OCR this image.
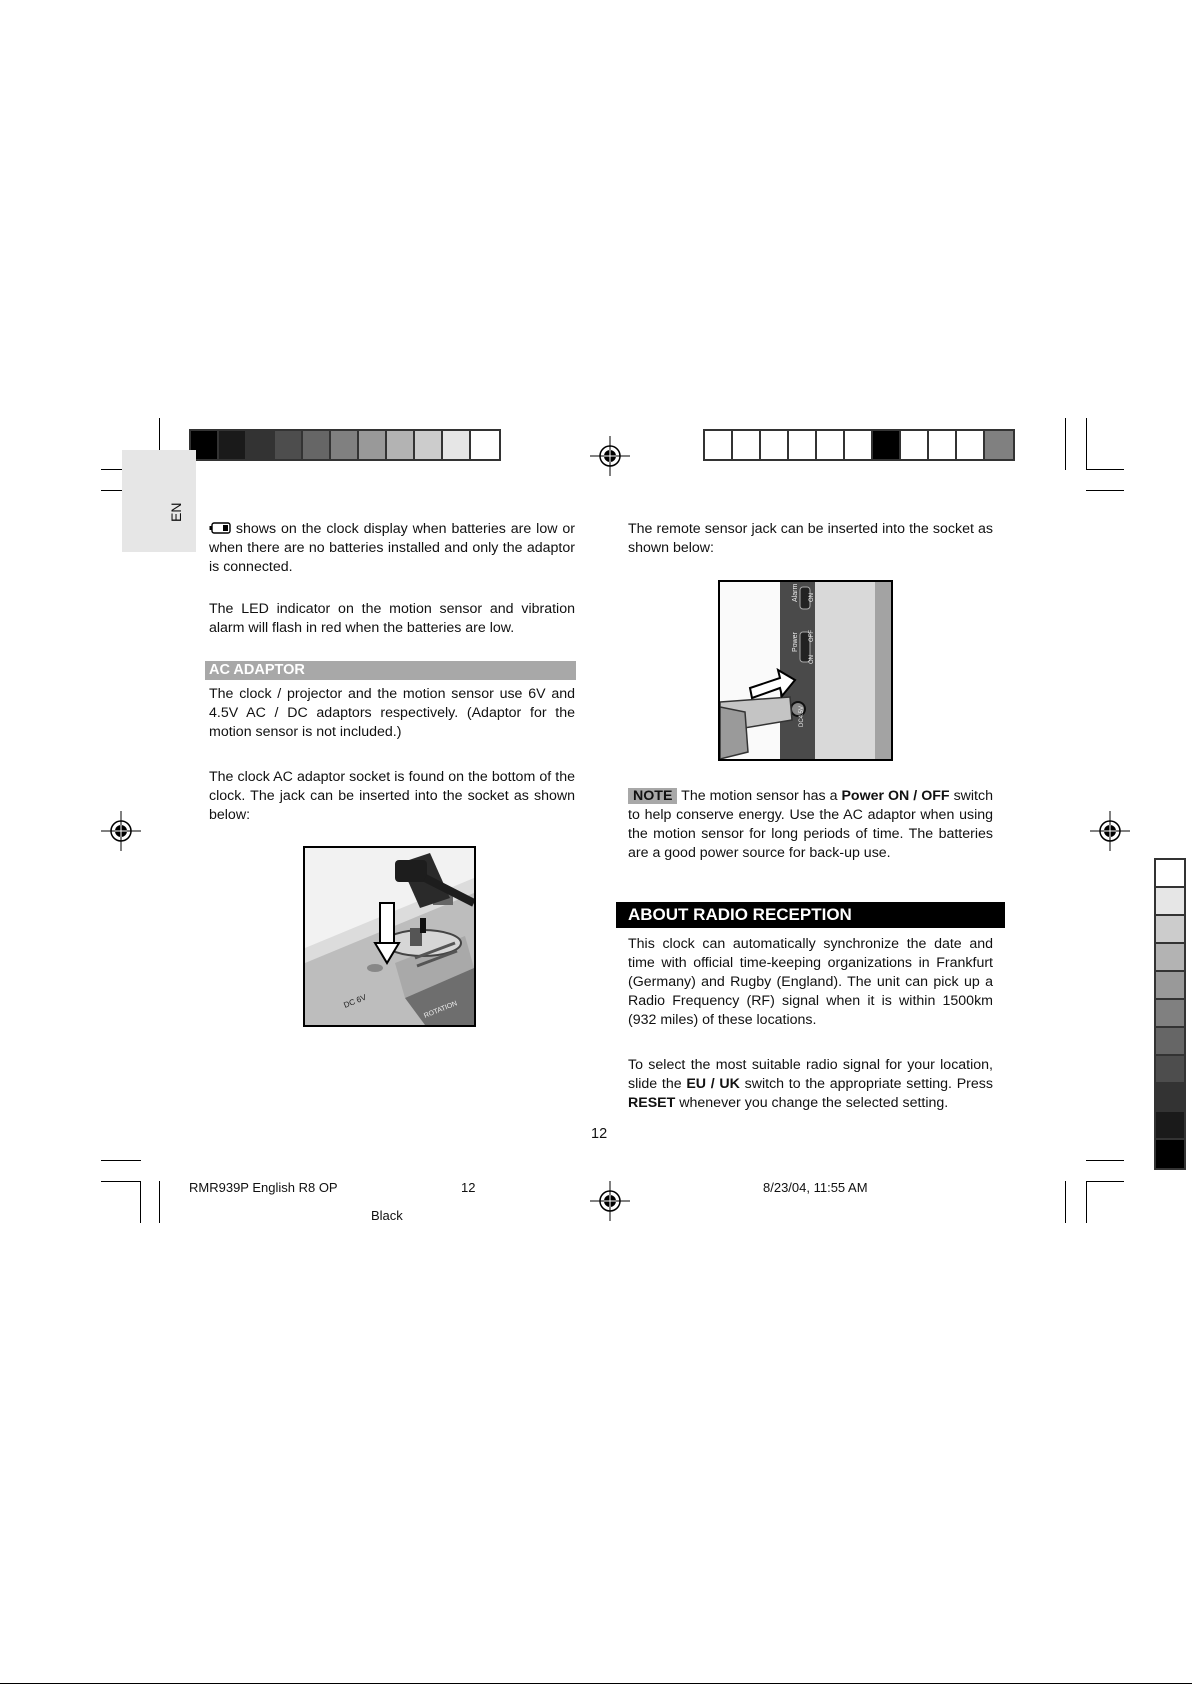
EN
shows on the clock display when batteries are low or when there are no batteries installed and only the adaptor is connected.
The LED indicator on the motion sensor and vibration alarm will flash in red when the batteries are low.
AC ADAPTOR
The clock / projector and the motion sensor use 6V and 4.5V AC / DC adaptors respectively. (Adaptor for the motion sensor is not included.)
The clock AC adaptor socket is found on the bottom of the clock. The jack can be inserted into the socket as shown below:
DC 6V	ROTATION
The remote sensor jack can be inserted into the socket as shown below:
Alarm ON
Power OFF
ON
DC4.5V
NOTE The motion sensor has a Power ON / OFF switch to help conserve energy. Use the AC adaptor when using the motion sensor for long periods of time. The batteries are a good power source for back-up use.
ABOUT RADIO RECEPTION
This clock can automatically synchronize the date and time with official time-keeping organizations in Frankfurt (Germany) and Rugby (England). The unit can pick up a Radio Frequency (RF) signal when it is within 1500km (932 miles) of these locations.
To select the most suitable radio signal for your location, slide the EU / UK switch to the appropriate setting. Press RESET whenever you change the selected setting.
12
RMR939P English R8 OP	12	8/23/04, 11:55 AM
Black
